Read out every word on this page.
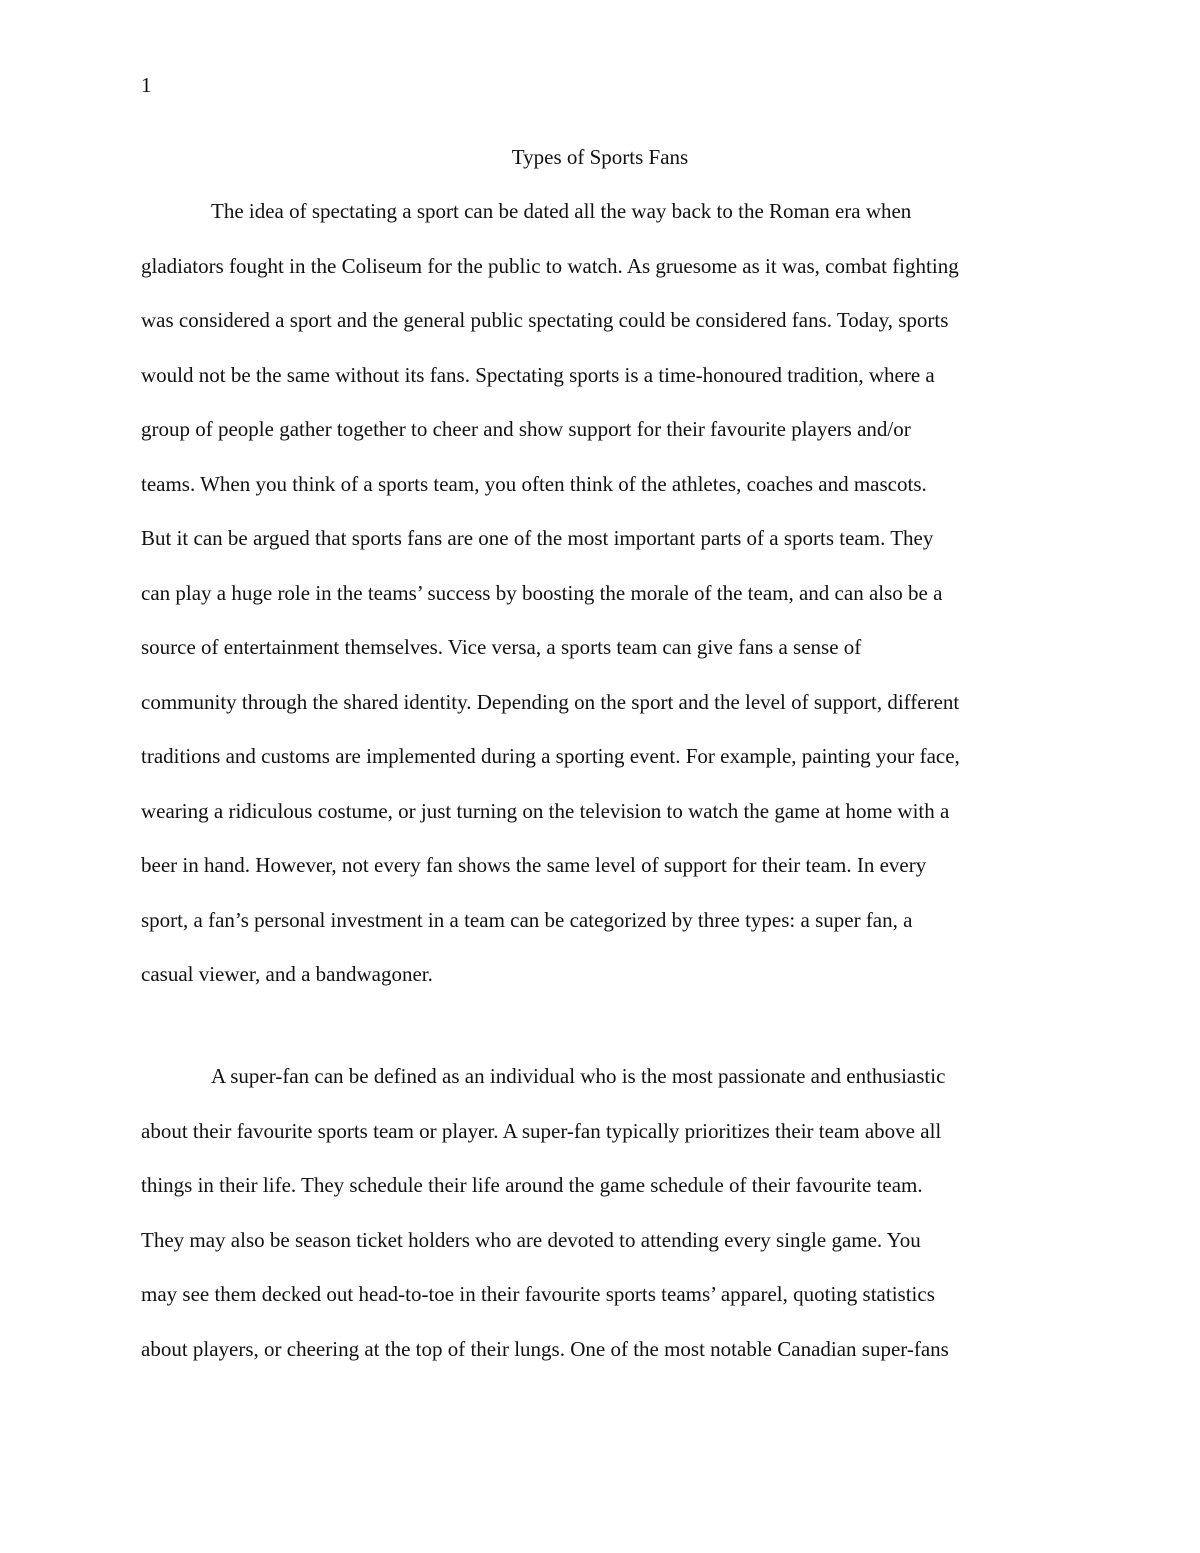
1
Types of Sports Fans
The idea of spectating a sport can be dated all the way back to the Roman era when
gladiators fought in the Coliseum for the public to watch. As gruesome as it was, combat fighting
was considered a sport and the general public spectating could be considered fans. Today, sports
would not be the same without its fans. Spectating sports is a time-honoured tradition, where a
group of people gather together to cheer and show support for their favourite players and/or
teams. When you think of a sports team, you often think of the athletes, coaches and mascots.
But it can be argued that sports fans are one of the most important parts of a sports team. They
can play a huge role in the teams’ success by boosting the morale of the team, and can also be a
source of entertainment themselves. Vice versa, a sports team can give fans a sense of
community through the shared identity. Depending on the sport and the level of support, different
traditions and customs are implemented during a sporting event. For example, painting your face,
wearing a ridiculous costume, or just turning on the television to watch the game at home with a
beer in hand. However, not every fan shows the same level of support for their team. In every
sport, a fan’s personal investment in a team can be categorized by three types: a super fan, a
casual viewer, and a bandwagoner.
A super-fan can be defined as an individual who is the most passionate and enthusiastic
about their favourite sports team or player. A super-fan typically prioritizes their team above all
things in their life. They schedule their life around the game schedule of their favourite team.
They may also be season ticket holders who are devoted to attending every single game. You
may see them decked out head-to-toe in their favourite sports teams’ apparel, quoting statistics
about players, or cheering at the top of their lungs. One of the most notable Canadian super-fans
